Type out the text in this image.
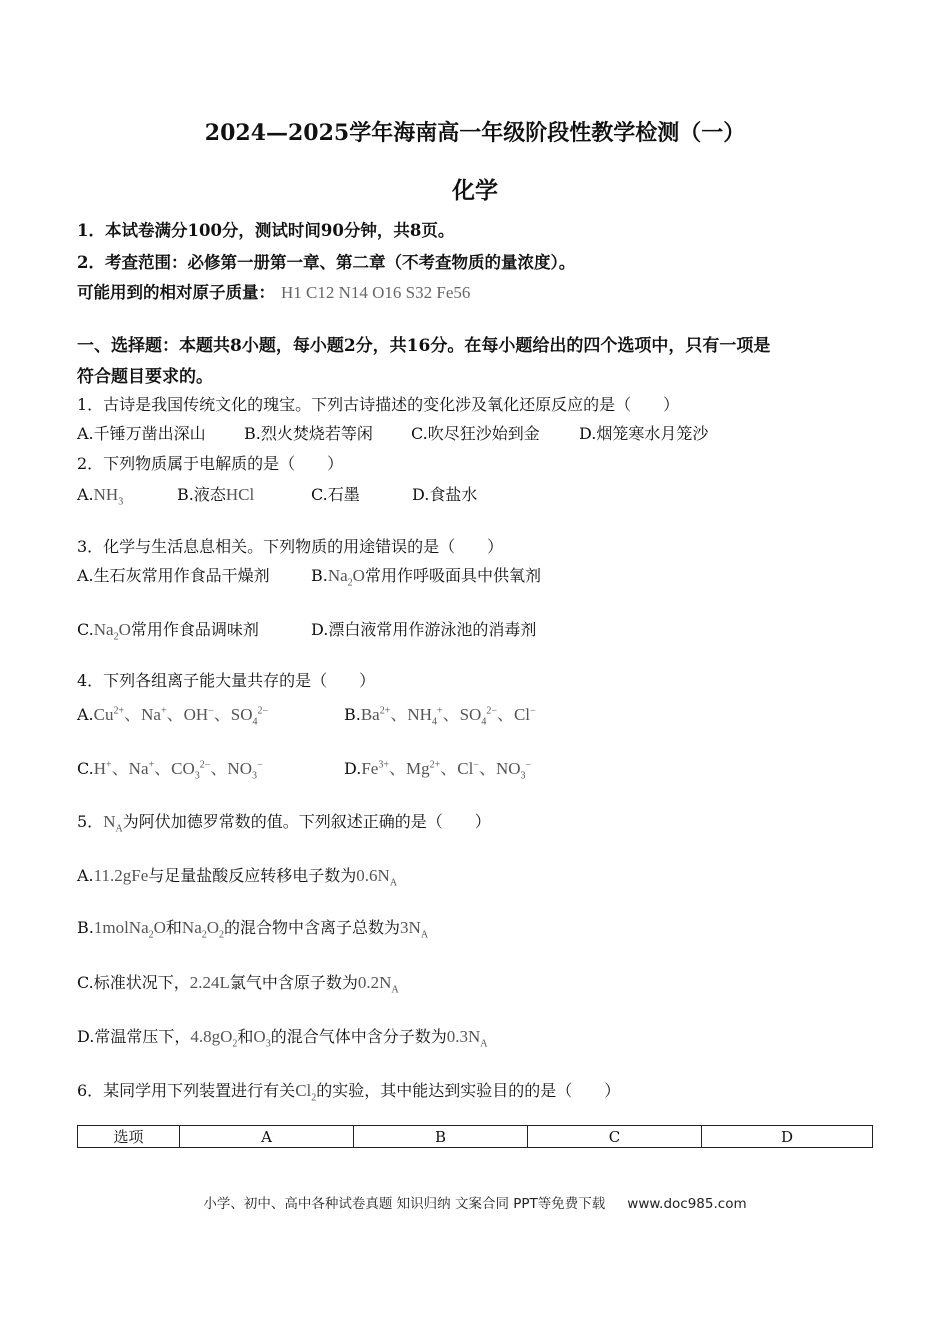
2024—2025学年海南高一年级阶段性教学检测（一）
化学
1．本试卷满分100分，测试时间90分钟，共8页。
2．考查范围：必修第一册第一章、第二章（不考查物质的量浓度）。
可能用到的相对原子质量： H1 C12 N14 O16 S32 Fe56
一、选择题：本题共8小题，每小题2分，共16分。在每小题给出的四个选项中，只有一项是
符合题目要求的。
1．古诗是我国传统文化的瑰宝。下列古诗描述的变化涉及氧化还原反应的是（　　）
A.千锤万凿出深山 B.烈火焚烧若等闲 C.吹尽狂沙始到金 D.烟笼寒水月笼沙
2．下列物质属于电解质的是（　　）
$A.NH_3$	B.液态HCl	C.石墨	D.食盐水
3．化学与生活息息相关。下列物质的用途错误的是（　　）
A.生石灰常用作食品干燥剂	$B.Na_2O$常用作呼吸面具中供氧剂
$C.Na_2O$常用作食品调味剂	D.漂白液常用作游泳池的消毒剂
4．下列各组离子能大量共存的是（　　）
$A.Cu^{2+}$、Na+、OH−、$SO_4^{2-}$	$B.Ba^{2+}$、$NH_4^+$、$SO_4^{2-}$、Cl−
C.H+、Na+、$CO_3^{2-}$、$NO_3^-$	$D.Fe^{3+}$、$Mg^{2+}$、Cl−、$NO_3^-$
5．$N_A$为阿伏加德罗常数的值。下列叙述正确的是（　　）
A.11.2gFe与足量盐酸反应转移电子数为$0.6N_A$
B.1molNa$_2$O和$Na_2O_2$的混合物中含离子总数为$3N_A$
C.标准状况下，2.24L氯气中含原子数为$0.2N_A$
D.常温常压下，$4.8gO_2$和$O_3$的混合气体中含分子数为$0.3N_A$
6．某同学用下列装置进行有关$Cl_2$的实验，其中能达到实验目的的是（　　）
选项	A	B	C	D
小学、初中、高中各种试卷真题 知识归纳 文案合同 PPT等免费下载 www.doc985.com
